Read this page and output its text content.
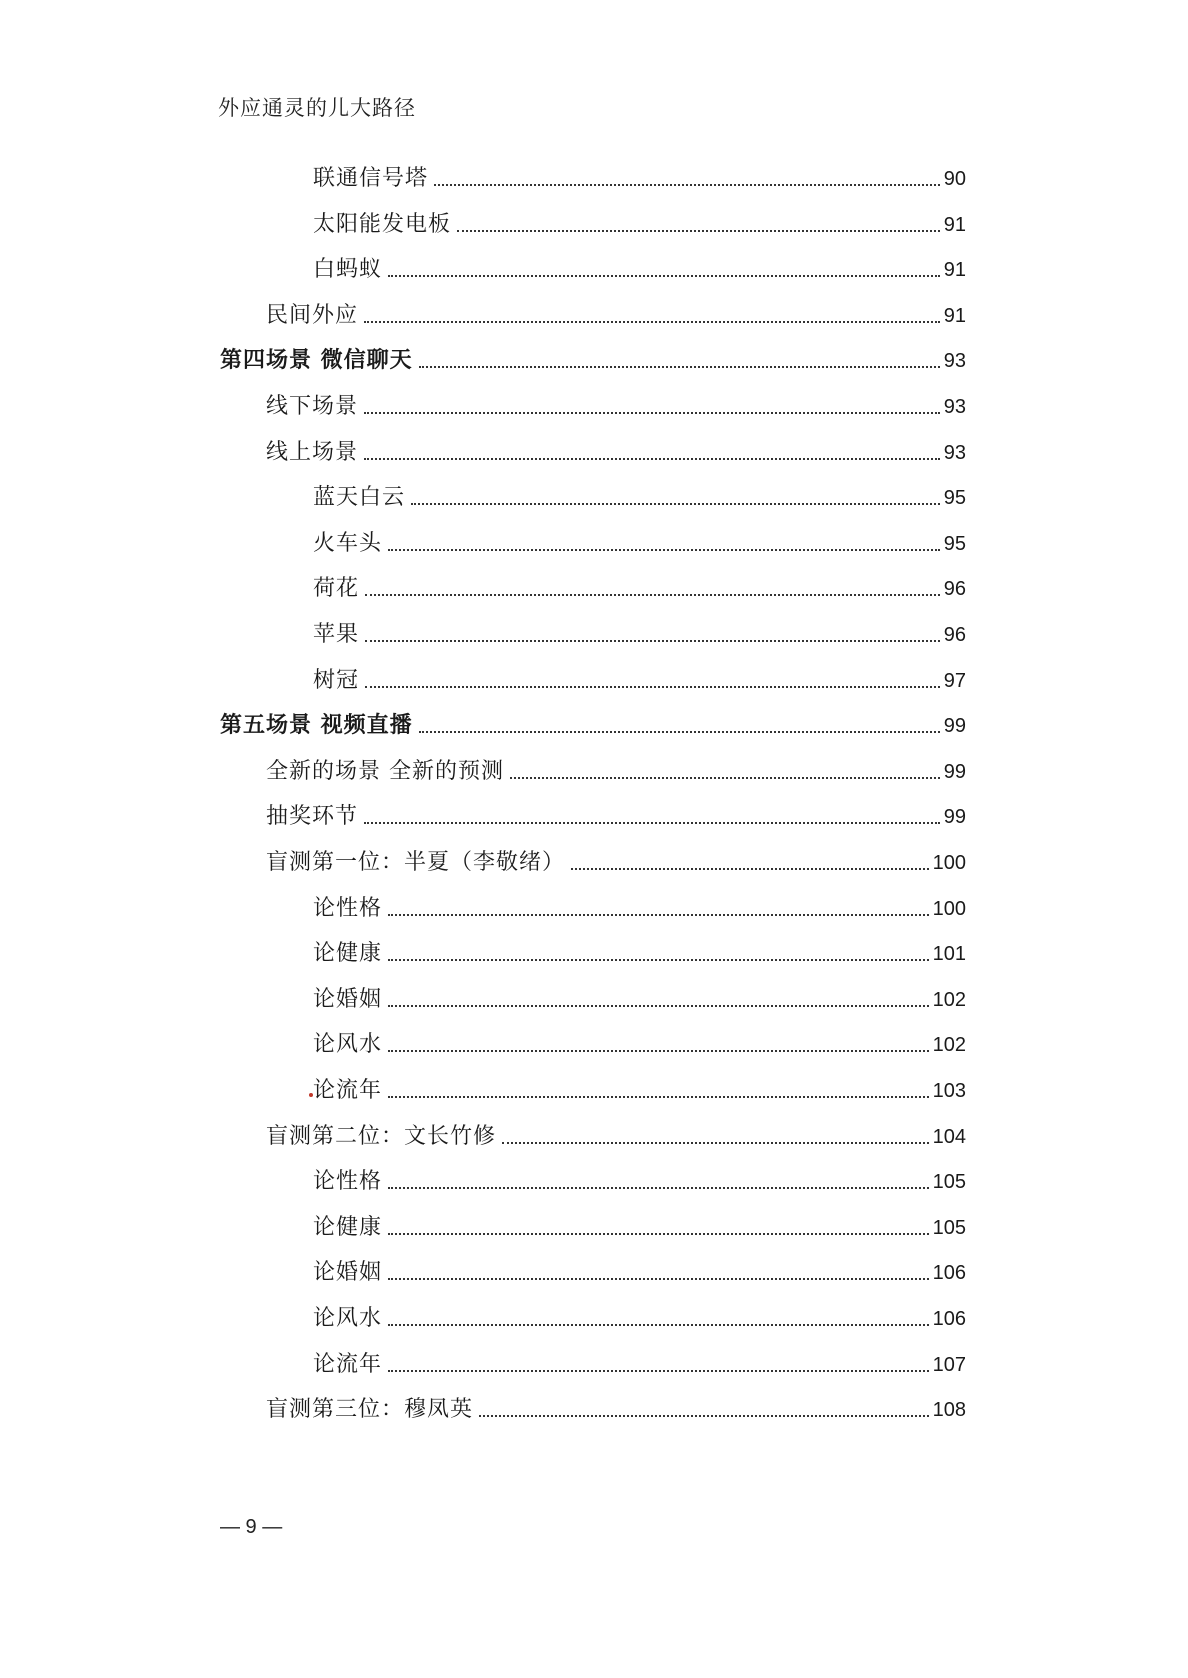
外应通灵的儿大路径
联通信号塔	90
太阳能发电板	91
白蚂蚁	91
民间外应	91
第四场景 微信聊天	93
线下场景	93
线上场景	93
蓝天白云	95
火车头	95
荷花	96
苹果	96
树冠	97
第五场景 视频直播	99
全新的场景 全新的预测	99
抽奖环节	99
盲测第一位：半夏（李敬绪）	100
论性格	100
论健康	101
论婚姻	102
论风水	102
论流年	103
盲测第二位：文长竹修	104
论性格	105
论健康	105
论婚姻	106
论风水	106
论流年	107
盲测第三位：穆凤英	108
— 9 —
